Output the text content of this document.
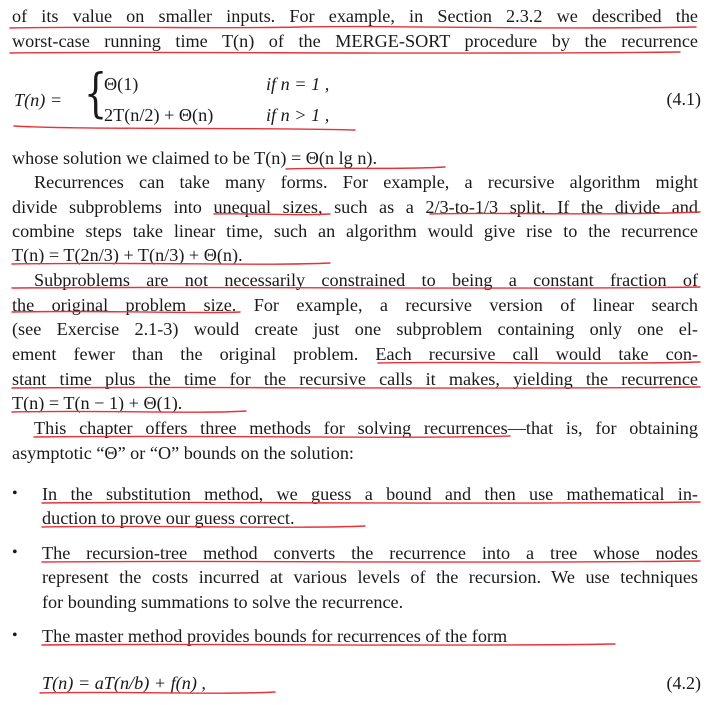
of its value on smaller inputs. For example, in Section 2.3.2 we described the
worst-case running time T(n) of the MERGE-SORT procedure by the recurrence
T(n) = {
Θ(1)	if n = 1 ,
2T(n/2) + Θ(n)	if n > 1 ,
(4.1)
whose solution we claimed to be T(n) = Θ(n lg n).
Recurrences can take many forms. For example, a recursive algorithm might
divide subproblems into unequal sizes, such as a 2/3-to-1/3 split. If the divide and
combine steps take linear time, such an algorithm would give rise to the recurrence
T(n) = T(2n/3) + T(n/3) + Θ(n).
Subproblems are not necessarily constrained to being a constant fraction of
the original problem size. For example, a recursive version of linear search
(see Exercise 2.1-3) would create just one subproblem containing only one el-
ement fewer than the original problem. Each recursive call would take con-
stant time plus the time for the recursive calls it makes, yielding the recurrence
T(n) = T(n − 1) + Θ(1).
This chapter offers three methods for solving recurrences—that is, for obtaining
asymptotic “Θ” or “O” bounds on the solution:
• In the substitution method, we guess a bound and then use mathematical in-
duction to prove our guess correct.
• The recursion-tree method converts the recurrence into a tree whose nodes
represent the costs incurred at various levels of the recursion. We use techniques
for bounding summations to solve the recurrence.
• The master method provides bounds for recurrences of the form
T(n) = aT(n/b) + f(n) ,	(4.2)
